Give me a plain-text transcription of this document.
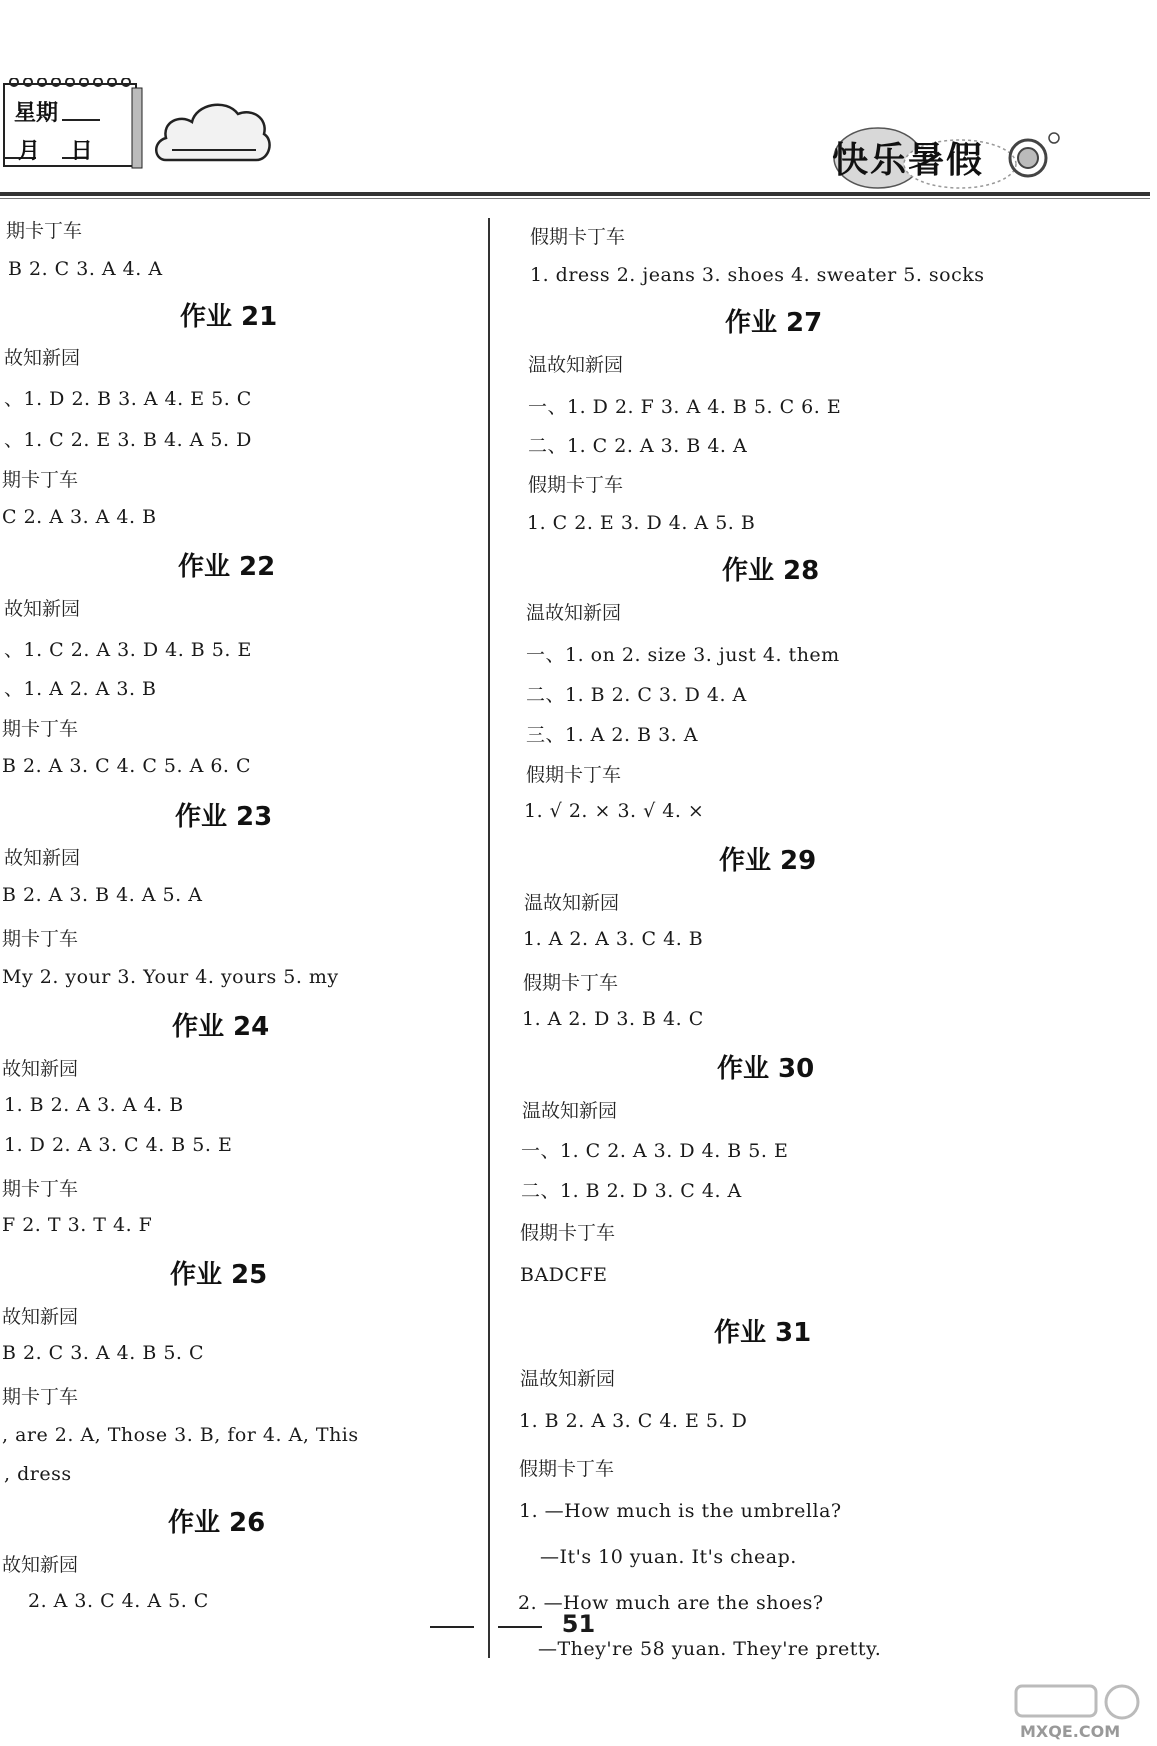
星期
月    日	快乐暑假
期卡丁车
B 2. C 3. A 4. A
作业 21
故知新园
、1. D 2. B 3. A 4. E 5. C
、1. C 2. E 3. B 4. A 5. D
期卡丁车
C 2. A 3. A 4. B
作业 22
故知新园
、1. C 2. A 3. D 4. B 5. E
、1. A 2. A 3. B
期卡丁车
B 2. A 3. C 4. C 5. A 6. C
作业 23
故知新园
B 2. A 3. B 4. A 5. A
期卡丁车
My 2. your 3. Your 4. yours 5. my
作业 24
故知新园
1. B 2. A 3. A 4. B
1. D 2. A 3. C 4. B 5. E
期卡丁车
F 2. T 3. T 4. F
作业 25
故知新园
B 2. C 3. A 4. B 5. C
期卡丁车
, are 2. A, Those 3. B, for 4. A, This
, dress
作业 26
故知新园
2. A 3. C 4. A 5. C
假期卡丁车
1. dress 2. jeans 3. shoes 4. sweater 5. socks
作业 27
温故知新园
一、1. D 2. F 3. A 4. B 5. C 6. E
二、1. C 2. A 3. B 4. A
假期卡丁车
1. C 2. E 3. D 4. A 5. B
作业 28
温故知新园
一、1. on 2. size 3. just 4. them
二、1. B 2. C 3. D 4. A
三、1. A 2. B 3. A
假期卡丁车
1. √ 2. × 3. √ 4. ×
作业 29
温故知新园
1. A 2. A 3. C 4. B
假期卡丁车
1. A 2. D 3. B 4. C
作业 30
温故知新园
一、1. C 2. A 3. D 4. B 5. E
二、1. B 2. D 3. C 4. A
假期卡丁车
BADCFE
作业 31
温故知新园
1. B 2. A 3. C 4. E 5. D
假期卡丁车
1. —How much is the umbrella?
—It's 10 yuan. It's cheap.
2. —How much are the shoes?
—They're 58 yuan. They're pretty.
51
MXQE.COM
